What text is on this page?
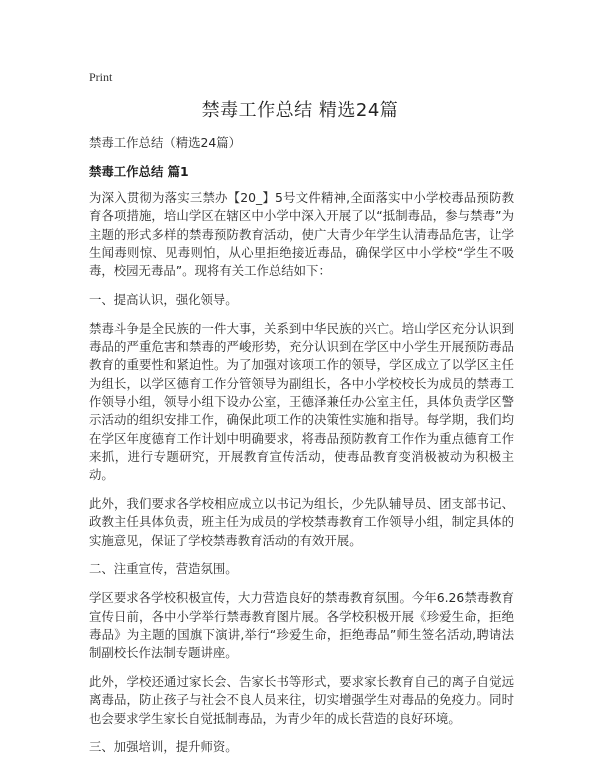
Print
禁毒工作总结 精选24篇

禁毒工作总结（精选24篇）

禁毒工作总结 篇1

为深入贯彻为落实三禁办【20_】5号文件精神,全面落实中小学校毒品预防教育各项措施，培山学区在辖区中小学中深入开展了以“抵制毒品，参与禁毒”为主题的形式多样的禁毒预防教育活动，使广大青少年学生认清毒品危害，让学生闻毒则惊、见毒则怕，从心里拒绝接近毒品，确保学区中小学校“学生不吸毒，校园无毒品”。现将有关工作总结如下：

一、提高认识，强化领导。

禁毒斗争是全民族的一件大事，关系到中华民族的兴亡。培山学区充分认识到毒品的严重危害和禁毒的严峻形势，充分认识到在学区中小学生开展预防毒品教育的重要性和紧迫性。为了加强对该项工作的领导，学区成立了以学区主任为组长，以学区德育工作分管领导为副组长，各中小学校校长为成员的禁毒工作领导小组，领导小组下设办公室，王德泽兼任办公室主任，具体负责学区警示活动的组织安排工作，确保此项工作的决策性实施和指导。每学期，我们均在学区年度德育工作计划中明确要求，将毒品预防教育工作作为重点德育工作来抓，进行专题研究，开展教育宣传活动，使毒品教育变消极被动为积极主动。

此外，我们要求各学校相应成立以书记为组长，少先队辅导员、团支部书记、政教主任具体负责，班主任为成员的学校禁毒教育工作领导小组，制定具体的实施意见，保证了学校禁毒教育活动的有效开展。

二、注重宣传，营造氛围。

学区要求各学校积极宣传，大力营造良好的禁毒教育氛围。今年6.26禁毒教育宣传日前，各中小学举行禁毒教育图片展。各学校积极开展《珍爱生命，拒绝毒品》为主题的国旗下演讲,举行“珍爱生命，拒绝毒品”师生签名活动,聘请法制副校长作法制专题讲座。

此外，学校还通过家长会、告家长书等形式，要求家长教育自己的离子自觉远离毒品，防止孩子与社会不良人员来往，切实增强学生对毒品的免疫力。同时也会要求学生家长自觉抵制毒品，为青少年的成长营造的良好环境。

三、加强培训，提升师资。
